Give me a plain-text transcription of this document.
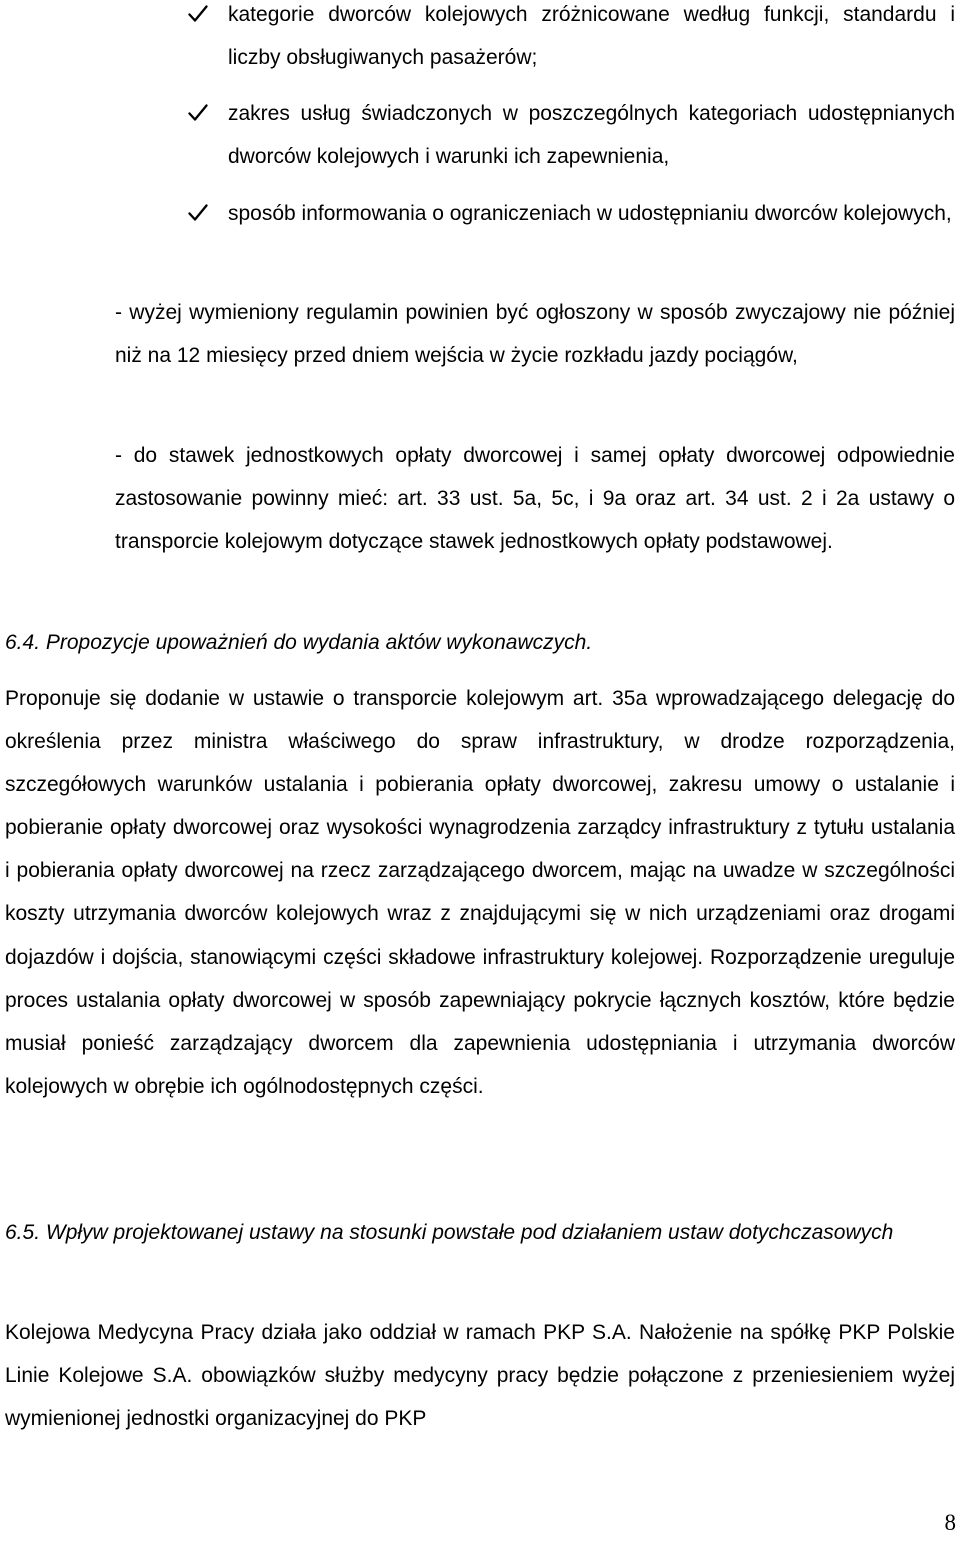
kategorie dworców kolejowych zróżnicowane według funkcji, standardu i liczby obsługiwanych pasażerów;
zakres usług świadczonych w poszczególnych kategoriach udostępnianych dworców kolejowych i warunki ich zapewnienia,
sposób informowania o ograniczeniach w udostępnianiu dworców kolejowych,

- wyżej wymieniony regulamin powinien być ogłoszony w sposób zwyczajowy nie później niż na 12 miesięcy przed dniem wejścia w życie rozkładu jazdy pociągów,

- do stawek jednostkowych opłaty dworcowej i samej opłaty dworcowej odpowiednie zastosowanie powinny mieć: art. 33 ust. 5a, 5c, i 9a oraz art. 34 ust. 2 i 2a ustawy o transporcie kolejowym dotyczące stawek jednostkowych opłaty podstawowej.

6.4. Propozycje upoważnień do wydania aktów wykonawczych.

Proponuje się dodanie w ustawie o transporcie kolejowym art. 35a wprowadzającego delegację do określenia przez ministra właściwego do spraw infrastruktury, w drodze rozporządzenia, szczegółowych warunków ustalania i pobierania opłaty dworcowej, zakresu umowy o ustalanie i pobieranie opłaty dworcowej oraz wysokości wynagrodzenia zarządcy infrastruktury z tytułu ustalania i pobierania opłaty dworcowej na rzecz zarządzającego dworcem, mając na uwadze w szczególności koszty utrzymania dworców kolejowych wraz z znajdującymi się w nich urządzeniami oraz drogami dojazdów i dojścia, stanowiącymi części składowe infrastruktury kolejowej. Rozporządzenie ureguluje proces ustalania opłaty dworcowej w sposób zapewniający pokrycie łącznych kosztów, które będzie musiał ponieść zarządzający dworcem dla zapewnienia udostępniania i utrzymania dworców kolejowych w obrębie ich ogólnodostępnych części.

6.5. Wpływ projektowanej ustawy na stosunki powstałe pod działaniem ustaw dotychczasowych

Kolejowa Medycyna Pracy działa jako oddział w ramach PKP S.A. Nałożenie na spółkę PKP Polskie Linie Kolejowe S.A. obowiązków służby medycyny pracy będzie połączone z przeniesieniem wyżej wymienionej jednostki organizacyjnej do PKP

8
